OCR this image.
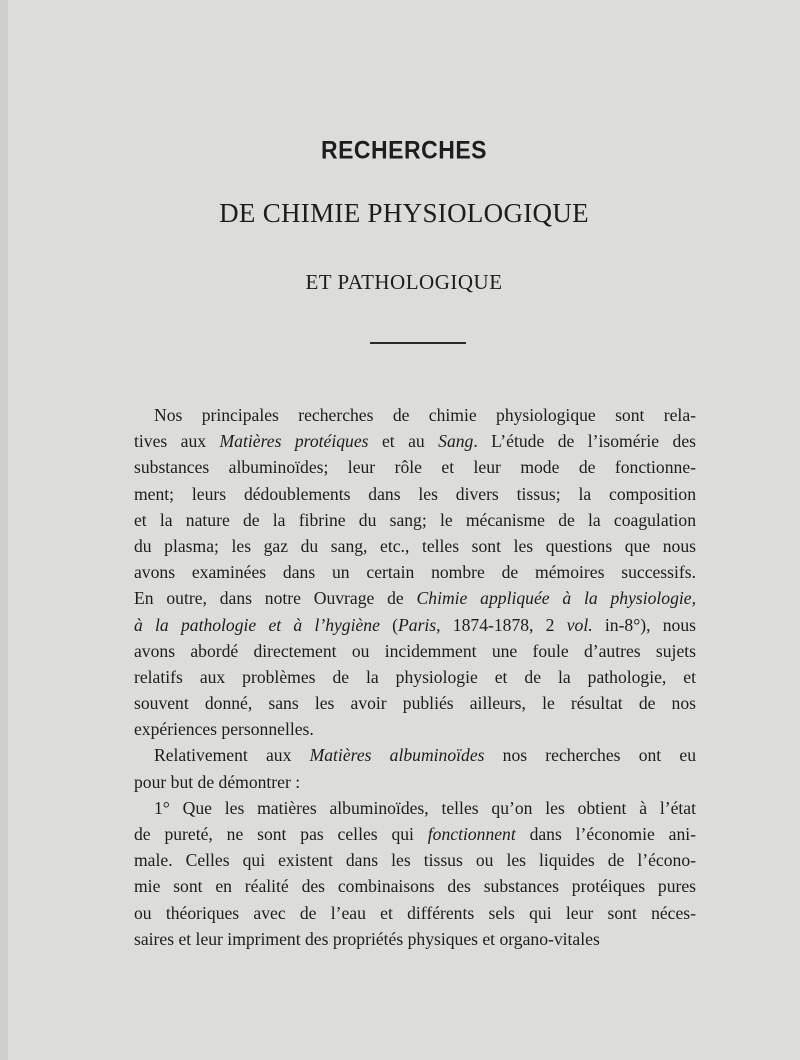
RECHERCHES
DE CHIMIE PHYSIOLOGIQUE
ET PATHOLOGIQUE
Nos principales recherches de chimie physiologique sont rela-
tives aux Matières protéiques et au Sang. L’étude de l’isomérie des
substances albuminoïdes; leur rôle et leur mode de fonctionne-
ment; leurs dédoublements dans les divers tissus; la composition
et la nature de la fibrine du sang; le mécanisme de la coagulation
du plasma; les gaz du sang, etc., telles sont les questions que nous
avons examinées dans un certain nombre de mémoires successifs.
En outre, dans notre Ouvrage de Chimie appliquée à la physiologie,
à la pathologie et à l’hygiène (Paris, 1874-1878, 2 vol. in-8°), nous
avons abordé directement ou incidemment une foule d’autres sujets
relatifs aux problèmes de la physiologie et de la pathologie, et
souvent donné, sans les avoir publiés ailleurs, le résultat de nos
expériences personnelles.
Relativement aux Matières albuminoïdes nos recherches ont eu
pour but de démontrer :
1° Que les matières albuminoïdes, telles qu’on les obtient à l’état
de pureté, ne sont pas celles qui fonctionnent dans l’économie ani-
male. Celles qui existent dans les tissus ou les liquides de l’écono-
mie sont en réalité des combinaisons des substances protéiques pures
ou théoriques avec de l’eau et différents sels qui leur sont néces-
saires et leur impriment des propriétés physiques et organo-vitales
